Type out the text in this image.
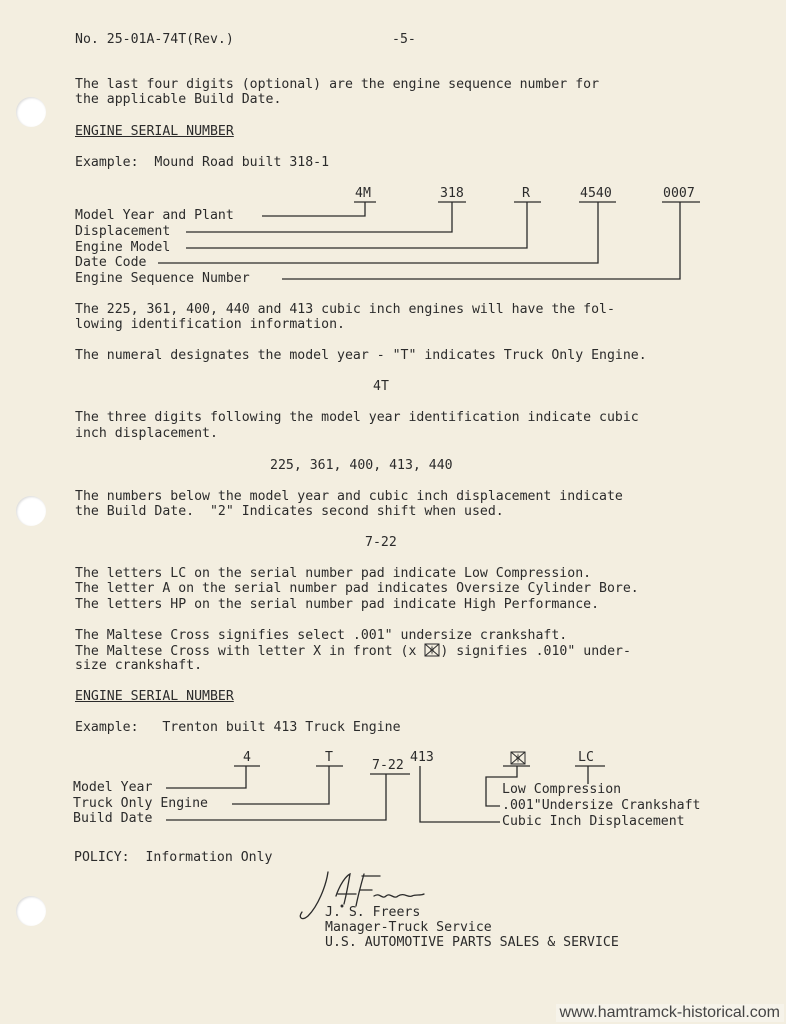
No. 25-01A-74T(Rev.)	-5-
The last four digits (optional) are the engine sequence number for
the applicable Build Date.
ENGINE SERIAL NUMBER
Example:  Mound Road built 318-1
4M	318	R	4540	0007
Model Year and Plant
Displacement
Engine Model
Date Code
Engine Sequence Number
The 225, 361, 400, 440 and 413 cubic inch engines will have the fol-
lowing identification information.
The numeral designates the model year - "T" indicates Truck Only Engine.
4T
The three digits following the model year identification indicate cubic
inch displacement.
225, 361, 400, 413, 440
The numbers below the model year and cubic inch displacement indicate
the Build Date.  "2" Indicates second shift when used.
7-22
The letters LC on the serial number pad indicate Low Compression.
The letter A on the serial number pad indicates Oversize Cylinder Bore.
The letters HP on the serial number pad indicate High Performance.
The Maltese Cross signifies select .001" undersize crankshaft.
The Maltese Cross with letter X in front (x ) signifies .010" under-
size crankshaft.
ENGINE SERIAL NUMBER
Example:   Trenton built 413 Truck Engine
4	T
7-22
413	LC
Model Year
Truck Only Engine
Build Date
Low Compression
.001"Undersize Crankshaft
Cubic Inch Displacement
POLICY:  Information Only
J. S. Freers
Manager-Truck Service
U.S. AUTOMOTIVE PARTS SALES & SERVICE
www.hamtramck-historical.com
